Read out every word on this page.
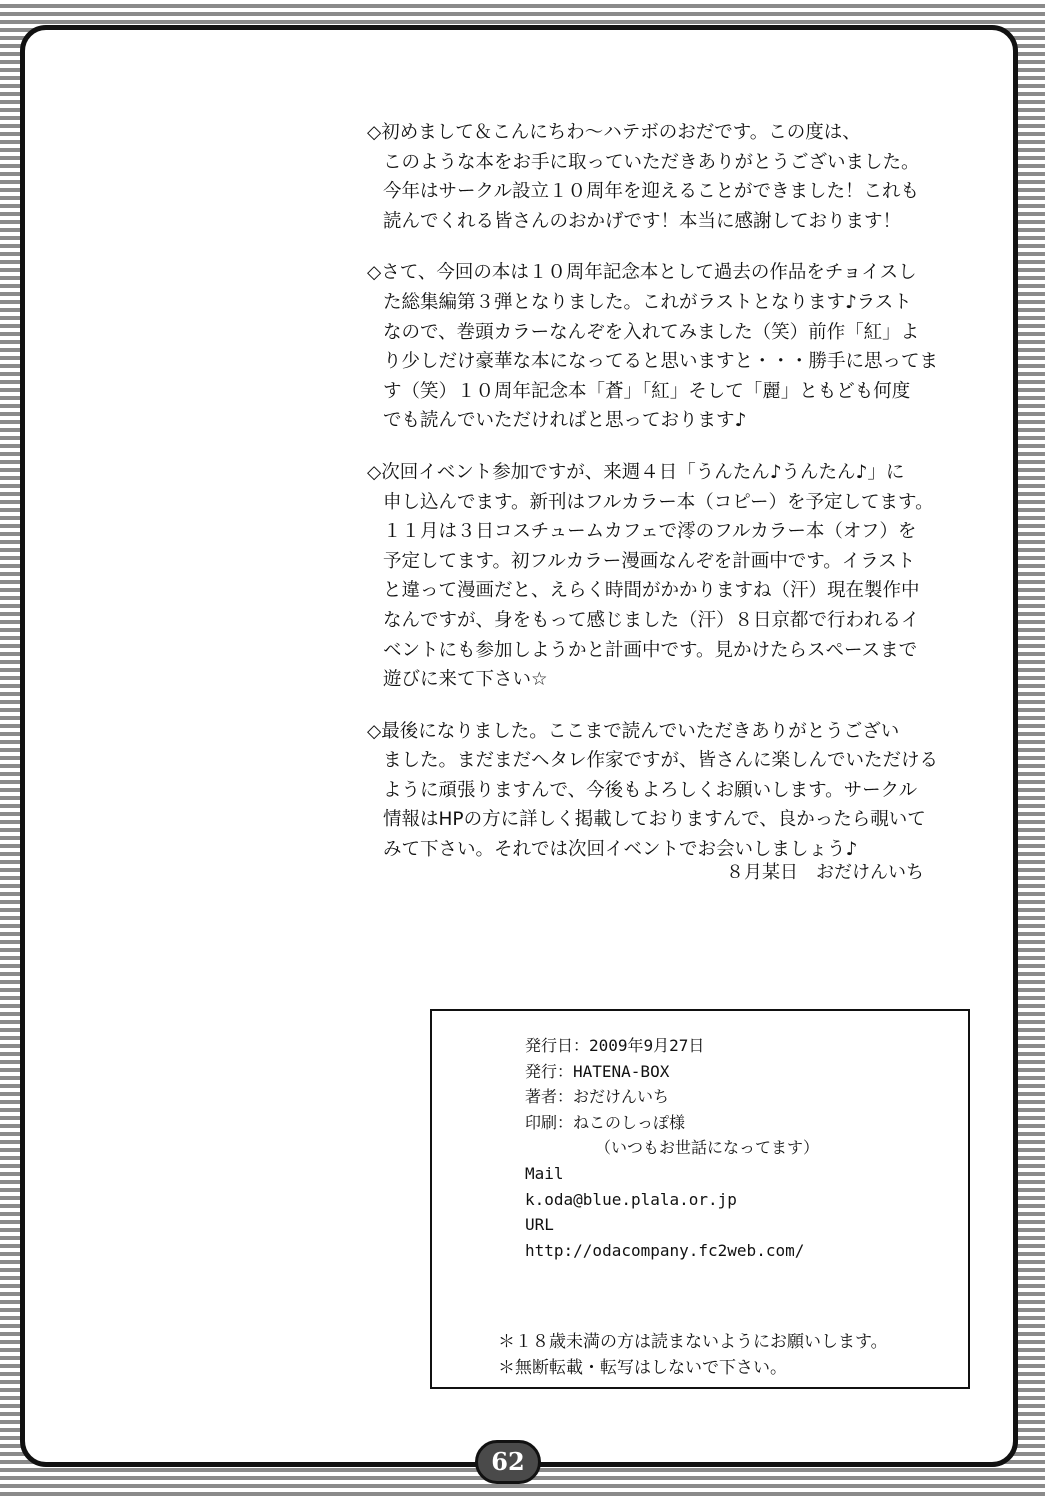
◇初めまして＆こんにちわ～ハテボのおだです。この度は、
このような本をお手に取っていただきありがとうございました。
今年はサークル設立１０周年を迎えることができました！これも
読んでくれる皆さんのおかげです！本当に感謝しております！
◇さて、今回の本は１０周年記念本として過去の作品をチョイスし
た総集編第３弾となりました。これがラストとなります♪ラスト
なので、巻頭カラーなんぞを入れてみました（笑）前作「紅」よ
り少しだけ豪華な本になってると思いますと・・・勝手に思ってま
す（笑）１０周年記念本「蒼」「紅」そして「麗」ともども何度
でも読んでいただければと思っております♪
◇次回イベント参加ですが、来週４日「うんたん♪うんたん♪」に
申し込んでます。新刊はフルカラー本（コピー）を予定してます。
１１月は３日コスチュームカフェで澪のフルカラー本（オフ）を
予定してます。初フルカラー漫画なんぞを計画中です。イラスト
と違って漫画だと、えらく時間がかかりますね（汗）現在製作中
なんですが、身をもって感じました（汗）８日京都で行われるイ
ベントにも参加しようかと計画中です。見かけたらスペースまで
遊びに来て下さい☆
◇最後になりました。ここまで読んでいただきありがとうござい
ました。まだまだヘタレ作家ですが、皆さんに楽しんでいただける
ように頑張りますんで、今後もよろしくお願いします。サークル
情報はHPの方に詳しく掲載しておりますんで、良かったら覗いて
みて下さい。それでは次回イベントでお会いしましょう♪
８月某日　おだけんいち
発行日：2009年9月27日
発行：HATENA-BOX
著者：おだけんいち
印刷：ねこのしっぽ様
（いつもお世話になってます）
Mail
k.oda@blue.plala.or.jp
URL
http://odacompany.fc2web.com/
＊１８歳未満の方は読まないようにお願いします。
＊無断転載・転写はしないで下さい。
62
